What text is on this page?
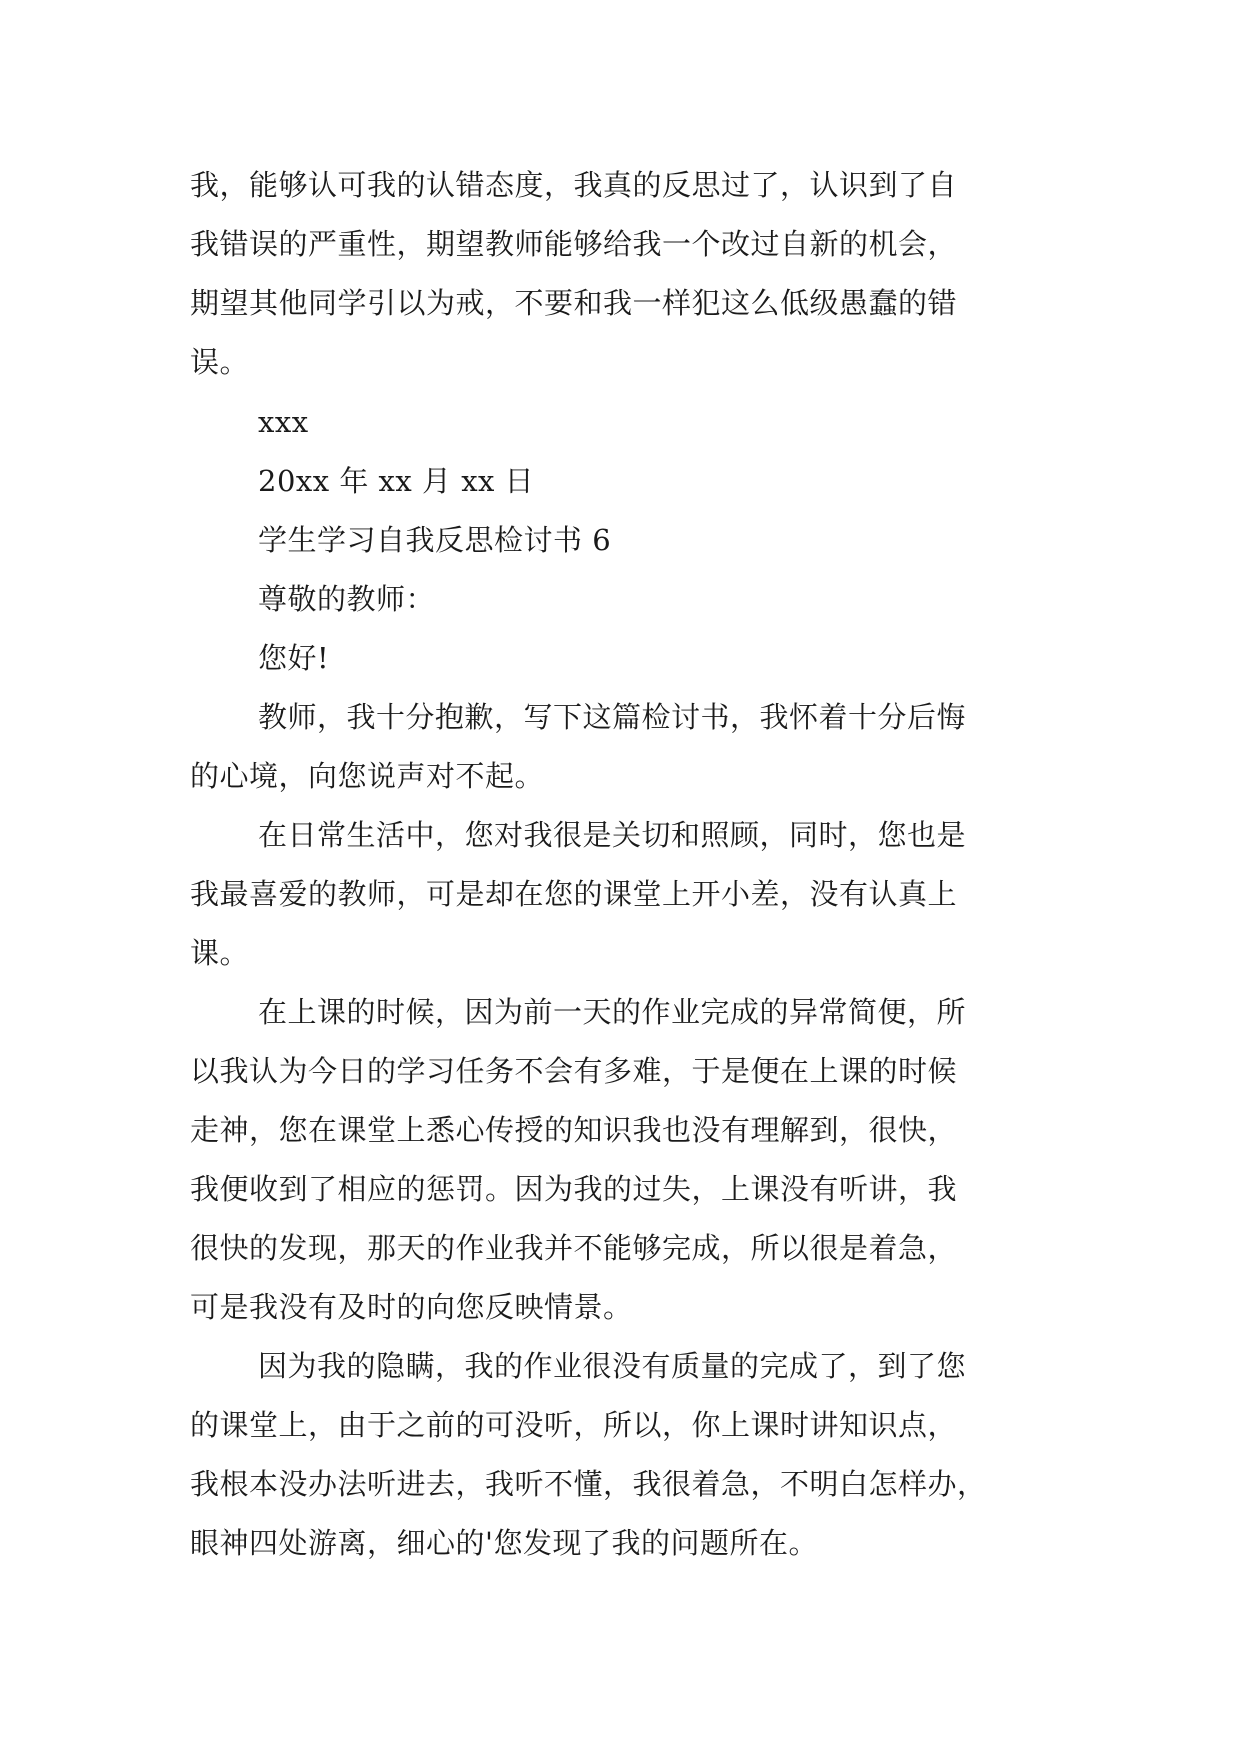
我，能够认可我的认错态度，我真的反思过了，认识到了自
我错误的严重性，期望教师能够给我一个改过自新的机会，
期望其他同学引以为戒，不要和我一样犯这么低级愚蠢的错
误。
xxx
20xx 年 xx 月 xx 日
学生学习自我反思检讨书 6
尊敬的教师：
您好!
教师，我十分抱歉，写下这篇检讨书，我怀着十分后悔
的心境，向您说声对不起。
在日常生活中，您对我很是关切和照顾，同时，您也是
我最喜爱的教师，可是却在您的课堂上开小差，没有认真上
课。
在上课的时候，因为前一天的作业完成的异常简便，所
以我认为今日的学习任务不会有多难，于是便在上课的时候
走神，您在课堂上悉心传授的知识我也没有理解到，很快，
我便收到了相应的惩罚。因为我的过失，上课没有听讲，我
很快的发现，那天的作业我并不能够完成，所以很是着急，
可是我没有及时的向您反映情景。
因为我的隐瞒，我的作业很没有质量的完成了，到了您
的课堂上，由于之前的可没听，所以，你上课时讲知识点，
我根本没办法听进去，我听不懂，我很着急，不明白怎样办，
眼神四处游离，细心的'您发现了我的问题所在。
